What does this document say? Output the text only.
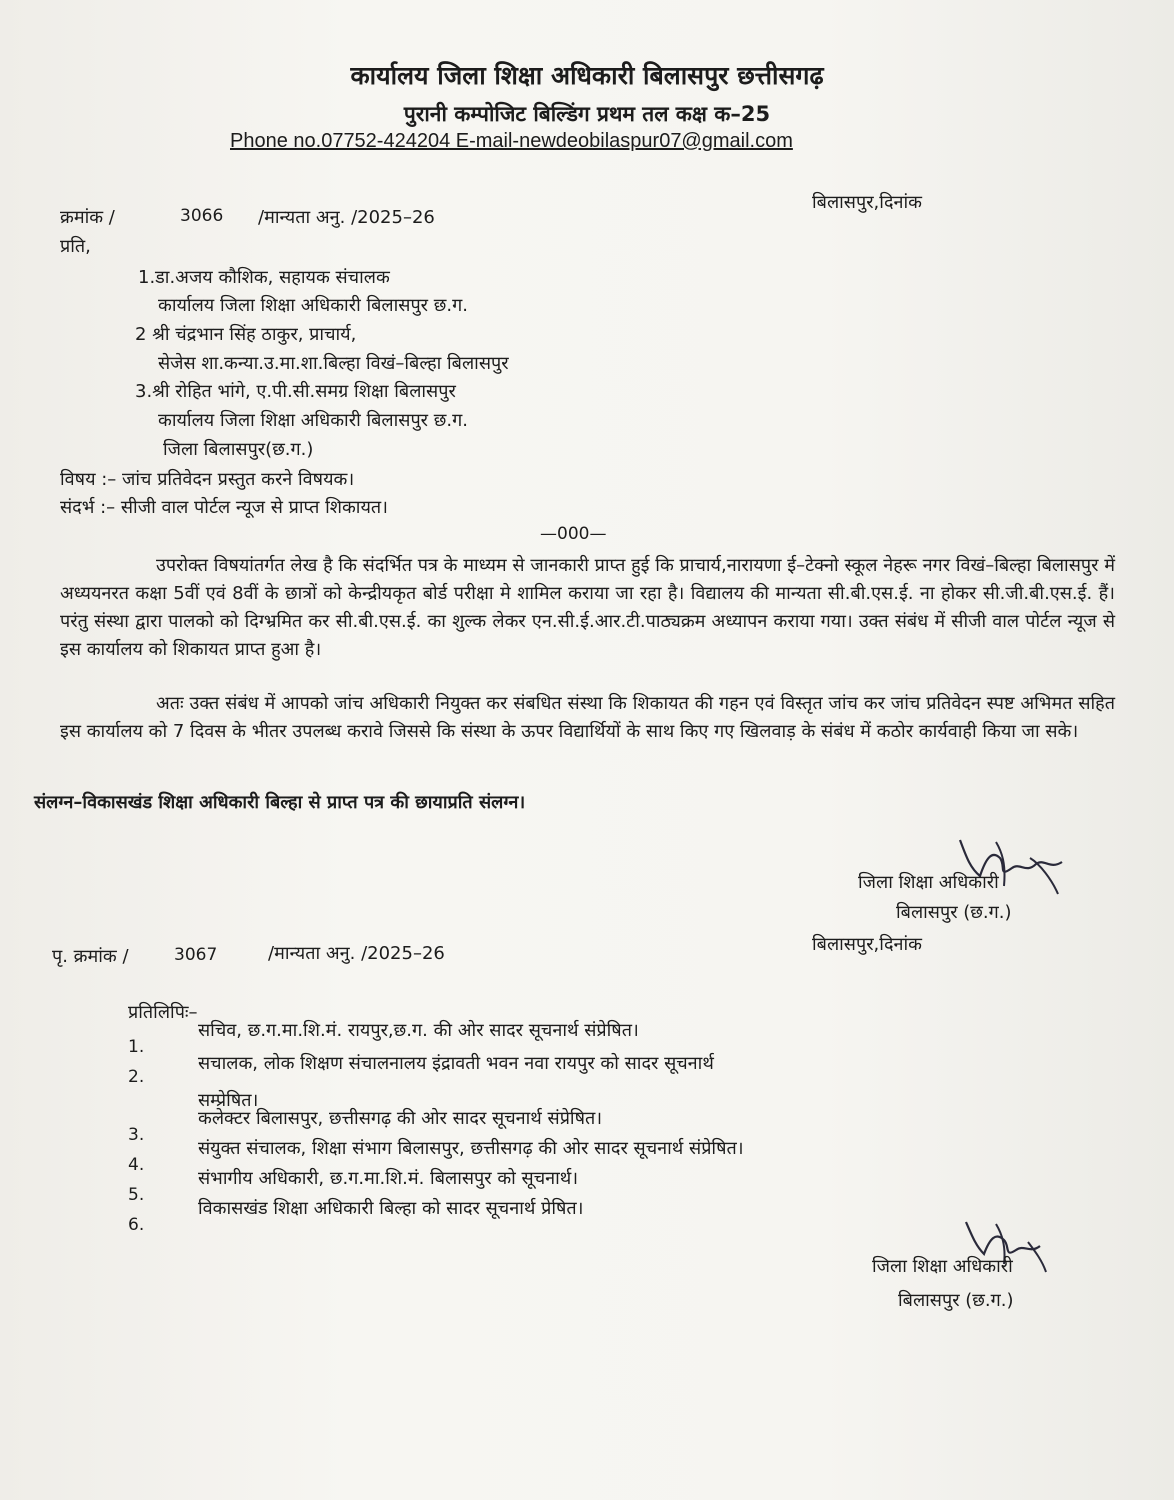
कार्यालय जिला शिक्षा अधिकारी बिलासपुर छत्तीसगढ़
पुरानी कम्पोजिट बिल्डिंग प्रथम तल कक्ष क–25
Phone no.07752-424204 E-mail-newdeobilaspur07@gmail.com
क्रमांक /	3066 /मान्यता अनु. /2025–26
बिलासपुर,दिनांक
प्रति,
1.डा.अजय कौशिक, सहायक संचालक
कार्यालय जिला शिक्षा अधिकारी बिलासपुर छ.ग.
2 श्री चंद्रभान सिंह ठाकुर, प्राचार्य,
सेजेस शा.कन्या.उ.मा.शा.बिल्हा विखं–बिल्हा बिलासपुर
3.श्री रोहित भांगे, ए.पी.सी.समग्र शिक्षा बिलासपुर
कार्यालय जिला शिक्षा अधिकारी बिलासपुर छ.ग.
जिला बिलासपुर(छ.ग.)
विषय :– जांच प्रतिवेदन प्रस्तुत करने विषयक।
संदर्भ :– सीजी वाल पोर्टल न्यूज से प्राप्त शिकायत।
—000—
उपरोक्त विषयांतर्गत लेख है कि संदर्भित पत्र के माध्यम से जानकारी प्राप्त हुई कि प्राचार्य,नारायणा ई–टेक्नो स्कूल नेहरू नगर विखं–बिल्हा बिलासपुर में अध्ययनरत कक्षा 5वीं एवं 8वीं के छात्रों को केन्द्रीयकृत बोर्ड परीक्षा मे शामिल कराया जा रहा है। विद्यालय की मान्यता सी.बी.एस.ई. ना होकर सी.जी.बी.एस.ई. हैं। परंतु संस्था द्वारा पालको को दिग्भ्रमित कर सी.बी.एस.ई. का शुल्क लेकर एन.सी.ई.आर.टी.पाठ्यक्रम अध्यापन कराया गया। उक्त संबंध में सीजी वाल पोर्टल न्यूज से इस कार्यालय को शिकायत प्राप्त हुआ है।
अतः उक्त संबंध में आपको जांच अधिकारी नियुक्त कर संबधित संस्था कि शिकायत की गहन एवं विस्तृत जांच कर जांच प्रतिवेदन स्पष्ट अभिमत सहित इस कार्यालय को 7 दिवस के भीतर उपलब्ध करावे जिससे कि संस्था के ऊपर विद्यार्थियों के साथ किए गए खिलवाड़ के संबंध में कठोर कार्यवाही किया जा सके।
संलग्न–विकासखंड शिक्षा अधिकारी बिल्हा से प्राप्त पत्र की छायाप्रति संलग्न।
जिला शिक्षा अधिकारी
बिलासपुर (छ.ग.)
बिलासपुर,दिनांक
पृ. क्रमांक /	3067	/मान्यता अनु. /2025–26
प्रतिलिपिः–
1.
सचिव, छ.ग.मा.शि.मं. रायपुर,छ.ग. की ओर सादर सूचनार्थ संप्रेषित।
2.
सचालक, लोक शिक्षण संचालनालय इंद्रावती भवन नवा रायपुर को सादर सूचनार्थ
सम्प्रेषित।
3.
कलेक्टर बिलासपुर, छत्तीसगढ़ की ओर सादर सूचनार्थ संप्रेषित।
4.
संयुक्त संचालक, शिक्षा संभाग बिलासपुर, छत्तीसगढ़ की ओर सादर सूचनार्थ संप्रेषित।
5.
संभागीय अधिकारी, छ.ग.मा.शि.मं. बिलासपुर को सूचनार्थ।
6.
विकासखंड शिक्षा अधिकारी बिल्हा को सादर सूचनार्थ प्रेषित।
जिला शिक्षा अधिकारी
बिलासपुर (छ.ग.)
